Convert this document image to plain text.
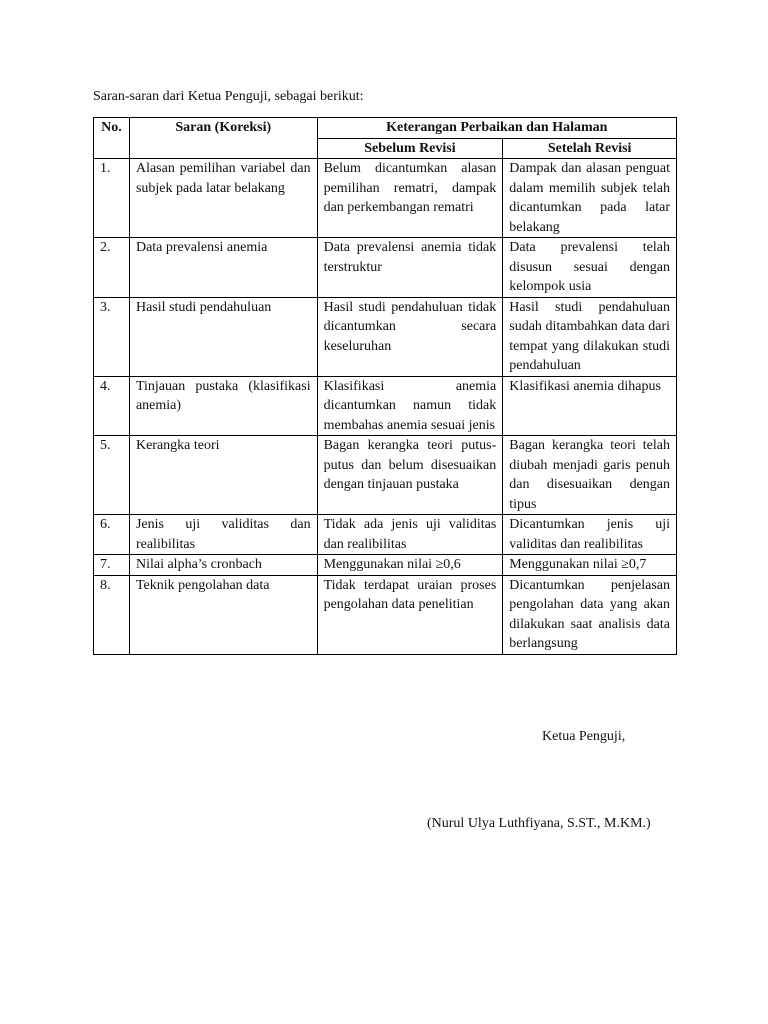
Saran-saran dari Ketua Penguji, sebagai berikut:
No.	Saran (Koreksi)	Keterangan Perbaikan dan Halaman	
		Sebelum Revisi	Setelah Revisi
1.	Alasan pemilihan variabel dan subjek pada latar belakang	Belum dicantumkan alasan pemilihan rematri, dampak dan perkembangan rematri	Dampak dan alasan penguat dalam memilih subjek telah dicantumkan pada latar belakang
2.	Data prevalensi anemia	Data prevalensi anemia tidak terstruktur	Data prevalensi telah disusun sesuai dengan kelompok usia
3.	Hasil studi pendahuluan	Hasil studi pendahuluan tidak dicantumkan secara keseluruhan	Hasil studi pendahuluan sudah ditambahkan data dari tempat yang dilakukan studi pendahuluan
4.	Tinjauan pustaka (klasifikasi anemia)	Klasifikasi anemia dicantumkan namun tidak membahas anemia sesuai jenis	Klasifikasi anemia dihapus
5.	Kerangka teori	Bagan kerangka teori putus-putus dan belum disesuaikan dengan tinjauan pustaka	Bagan kerangka teori telah diubah menjadi garis penuh dan disesuaikan dengan tipus
6.	Jenis uji validitas dan realibilitas	Tidak ada jenis uji validitas dan realibilitas	Dicantumkan jenis uji validitas dan realibilitas
7.	Nilai alpha’s cronbach	Menggunakan nilai ≥0,6	Menggunakan nilai ≥0,7
8.	Teknik pengolahan data	Tidak terdapat uraian proses pengolahan data penelitian	Dicantumkan penjelasan pengolahan data yang akan dilakukan saat analisis data berlangsung
Ketua Penguji,
(Nurul Ulya Luthfiyana, S.ST., M.KM.)
